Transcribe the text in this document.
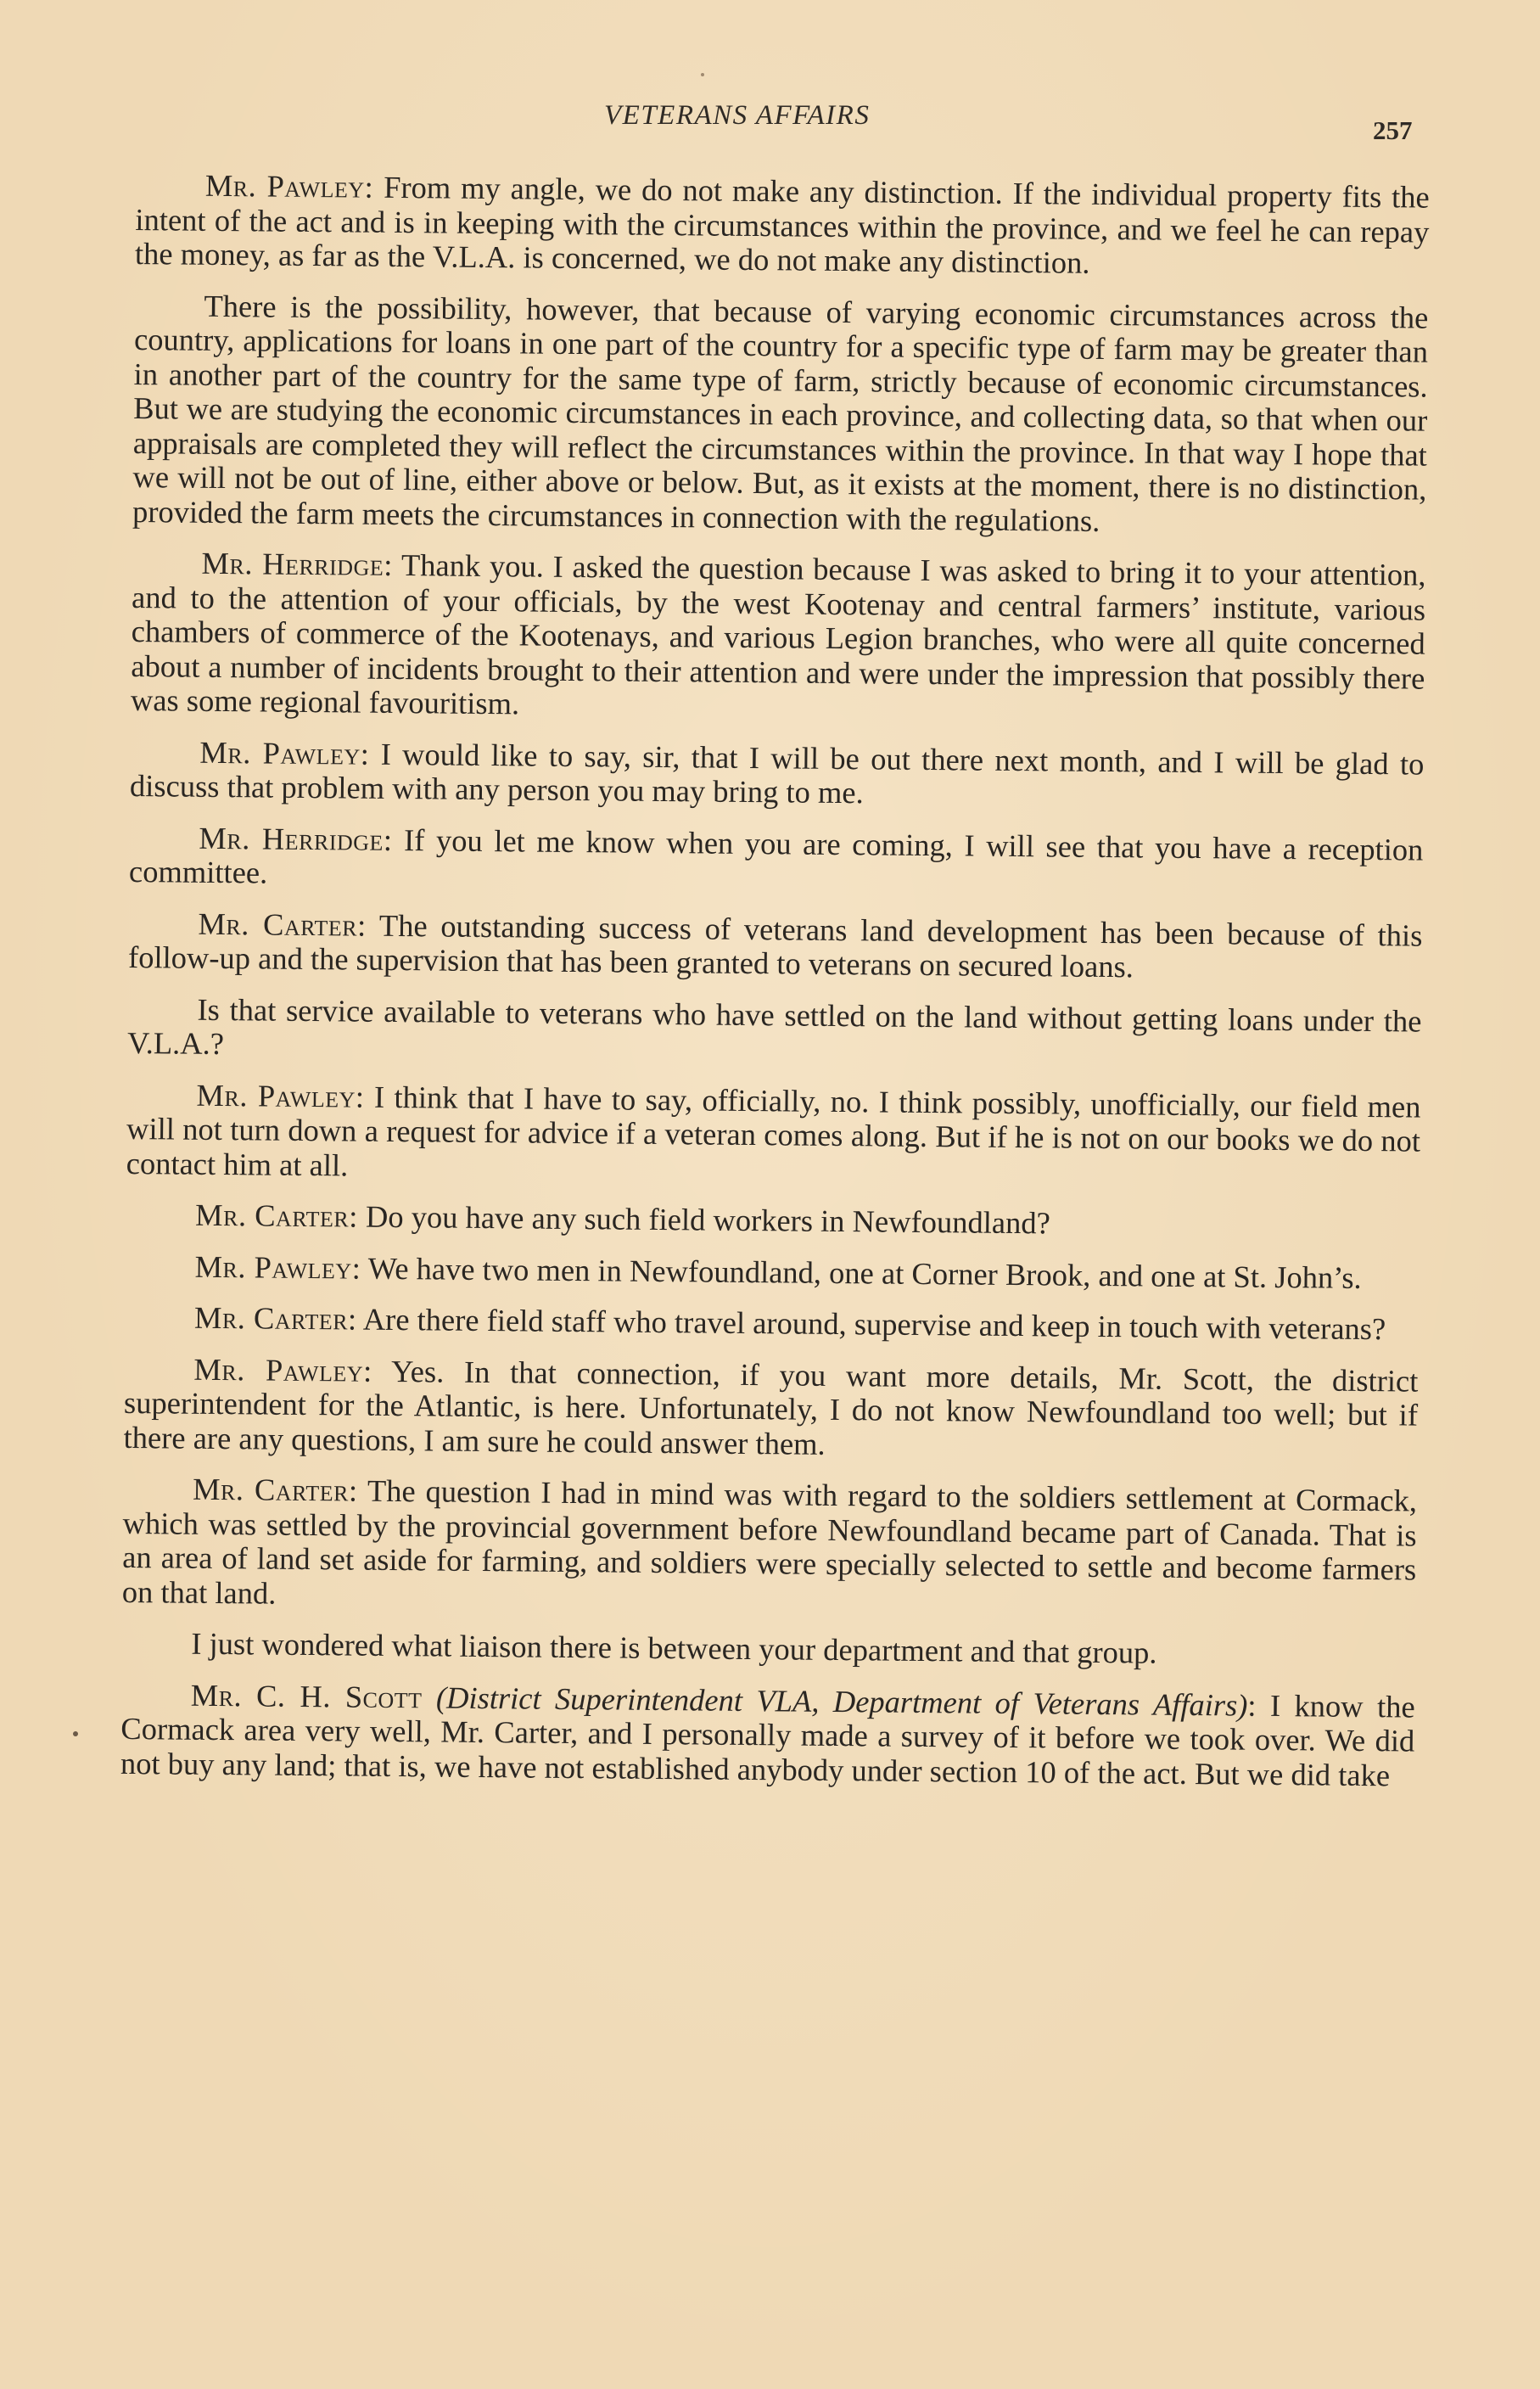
VETERANS AFFAIRS	257

Mr. Pawley: From my angle, we do not make any distinction. If the individual property fits the intent of the act and is in keeping with the circumstances within the province, and we feel he can repay the money, as far as the V.L.A. is concerned, we do not make any distinction.

There is the possibility, however, that because of varying economic circumstances across the country, applications for loans in one part of the country for a specific type of farm may be greater than in another part of the country for the same type of farm, strictly because of economic circumstances. But we are studying the economic circumstances in each province, and collecting data, so that when our appraisals are completed they will reflect the circumstances within the province. In that way I hope that we will not be out of line, either above or below. But, as it exists at the moment, there is no distinction, provided the farm meets the circumstances in connection with the regulations.

Mr. Herridge: Thank you. I asked the question because I was asked to bring it to your attention, and to the attention of your officials, by the west Kootenay and central farmers’ institute, various chambers of commerce of the Kootenays, and various Legion branches, who were all quite concerned about a number of incidents brought to their attention and were under the impression that possibly there was some regional favouritism.

Mr. Pawley: I would like to say, sir, that I will be out there next month, and I will be glad to discuss that problem with any person you may bring to me.

Mr. Herridge: If you let me know when you are coming, I will see that you have a reception committee.

Mr. Carter: The outstanding success of veterans land development has been because of this follow-up and the supervision that has been granted to veterans on secured loans.

Is that service available to veterans who have settled on the land without getting loans under the V.L.A.?

Mr. Pawley: I think that I have to say, officially, no. I think possibly, unofficially, our field men will not turn down a request for advice if a veteran comes along. But if he is not on our books we do not contact him at all.

Mr. Carter: Do you have any such field workers in Newfoundland?

Mr. Pawley: We have two men in Newfoundland, one at Corner Brook, and one at St. John’s.

Mr. Carter: Are there field staff who travel around, supervise and keep in touch with veterans?

Mr. Pawley: Yes. In that connection, if you want more details, Mr. Scott, the district superintendent for the Atlantic, is here. Unfortunately, I do not know Newfoundland too well; but if there are any questions, I am sure he could answer them.

Mr. Carter: The question I had in mind was with regard to the soldiers settlement at Cormack, which was settled by the provincial government before Newfoundland became part of Canada. That is an area of land set aside for farming, and soldiers were specially selected to settle and become farmers on that land.

I just wondered what liaison there is between your department and that group.

Mr. C. H. Scott (District Superintendent VLA, Department of Veterans Affairs): I know the Cormack area very well, Mr. Carter, and I personally made a survey of it before we took over. We did not buy any land; that is, we have not established anybody under section 10 of the act. But we did take
